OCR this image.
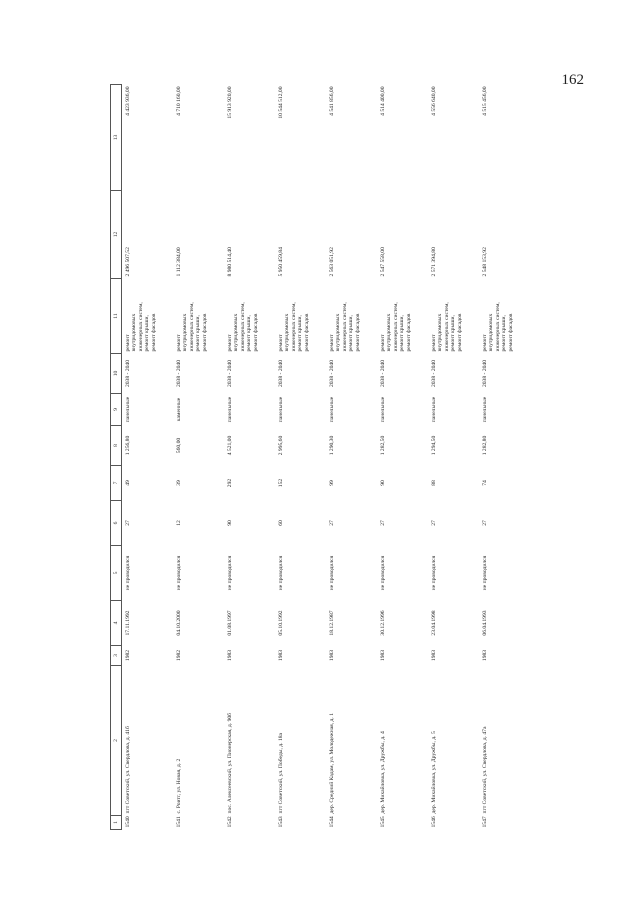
162
1	2	3	4	5	6	7	8	9	10	11	12	13
1540	пгт Советский, ул. Свердлова, д. 41б	1982	17.11.1992	не проводился	27	49	1 256,80	панельные	2038 - 2040	ремонт внутридомовых инженерных систем, ремонт крыши, ремонт фасадов	2 496 507,52	4 423 936,00
1541	с. Роитг, ул. Новая, д. 2	1982	04.10.2000	не проводился	12	39	560,00	каменные	2038 - 2040	ремонт внутридомовых инженерных систем, ремонт крыши, ремонт фасадов	1 112 384,00	4 710 160,00
1542	пос. Алексеевский, ул. Пионерская, д. 90б	1983	01.08.1997	не проводился	90	292	4 521,00	панельные	2038 - 2040	ремонт внутридомовых инженерных систем, ремонт крыши, ремонт фасадов	8 980 514,40	15 913 920,00
1543	пгт Советский, ул. Победы, д. 18а	1983	05.10.1992	не проводился	60	152	2 995,60	панельные	2038 - 2040	ремонт внутридомовых инженерных систем, ремонт крыши, ремонт фасадов	5 950 459,84	10 544 512,00
1544	дер. Средний Кадам, ул. Молодежная, д. 1	1983	18.12.1987	не проводился	27	99	1 290,30	панельные	2038 - 2040	ремонт внутридомовых инженерных систем, ремонт крыши, ремонт фасадов	2 563 051,92	4 541 856,00
1545	дер. Михайловка, ул. Дружбы, д. 4	1983	30.12.1996	не проводился	27	90	1 282,50	панельные	2038 - 2040	ремонт внутридомовых инженерных систем, ремонт крыши, ремонт фасадов	2 547 558,00	4 514 400,00
1546	дер. Михайловка, ул. Дружбы, д. 5	1983	23.04.1998	не проводился	27	88	1 294,50	панельные	2038 - 2040	ремонт внутридомовых инженерных систем, ремонт крыши, ремонт фасадов	2 571 394,80	4 556 640,00
1547	пгт Советский, ул. Свердлова, д. 47а	1983	06.04.1993	не проводился	27	74	1 282,80	панельные	2038 - 2040	ремонт внутридомовых инженерных систем, ремонт крыши, ремонт фасадов	2 548 153,92	4 515 456,00
